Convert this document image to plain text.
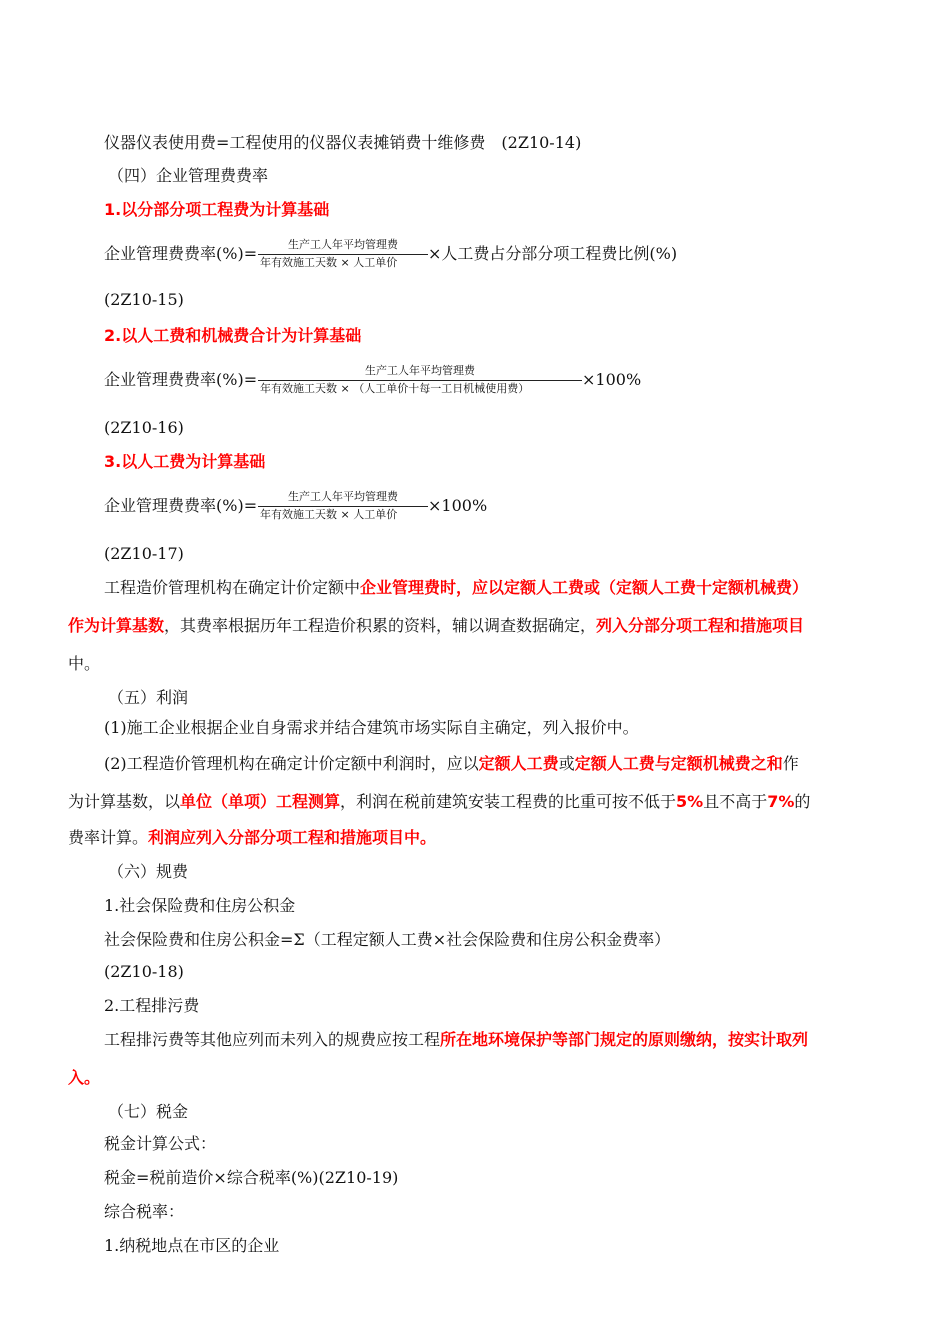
仪器仪表使用费=工程使用的仪器仪表摊销费十维修费　(2Z10-14)
（四）企业管理费费率
1.以分部分项工程费为计算基础
企业管理费费率(%)=	生产工人年平均管理费
年有效施工天数 × 人工单价 ×人工费占分部分项工程费比例(%)
(2Z10-15)
2.以人工费和机械费合计为计算基础
企业管理费费率(%)=	生产工人年平均管理费
年有效施工天数 × （人工单价十每一工日机械使用费）	×100%
(2Z10-16)
3.以人工费为计算基础
企业管理费费率(%)=	生产工人年平均管理费
年有效施工天数 × 人工单价 ×100%
(2Z10-17)
工程造价管理机构在确定计价定额中企业管理费时，应以定额人工费或（定额人工费十定额机械费）
作为计算基数，其费率根据历年工程造价积累的资料，辅以调查数据确定，列入分部分项工程和措施项目
中。
（五）利润
(1)施工企业根据企业自身需求并结合建筑市场实际自主确定，列入报价中。
(2)工程造价管理机构在确定计价定额中利润时，应以定额人工费或定额人工费与定额机械费之和作
为计算基数，以单位（单项）工程测算，利润在税前建筑安装工程费的比重可按不低于5%且不高于7%的
费率计算。利润应列入分部分项工程和措施项目中。
（六）规费
1.社会保险费和住房公积金
社会保险费和住房公积金=Σ（工程定额人工费×社会保险费和住房公积金费率）
(2Z10-18)
2.工程排污费
工程排污费等其他应列而未列入的规费应按工程所在地环境保护等部门规定的原则缴纳，按实计取列
入。
（七）税金
税金计算公式：
税金=税前造价×综合税率(%)(2Z10-19)
综合税率：
1.纳税地点在市区的企业
